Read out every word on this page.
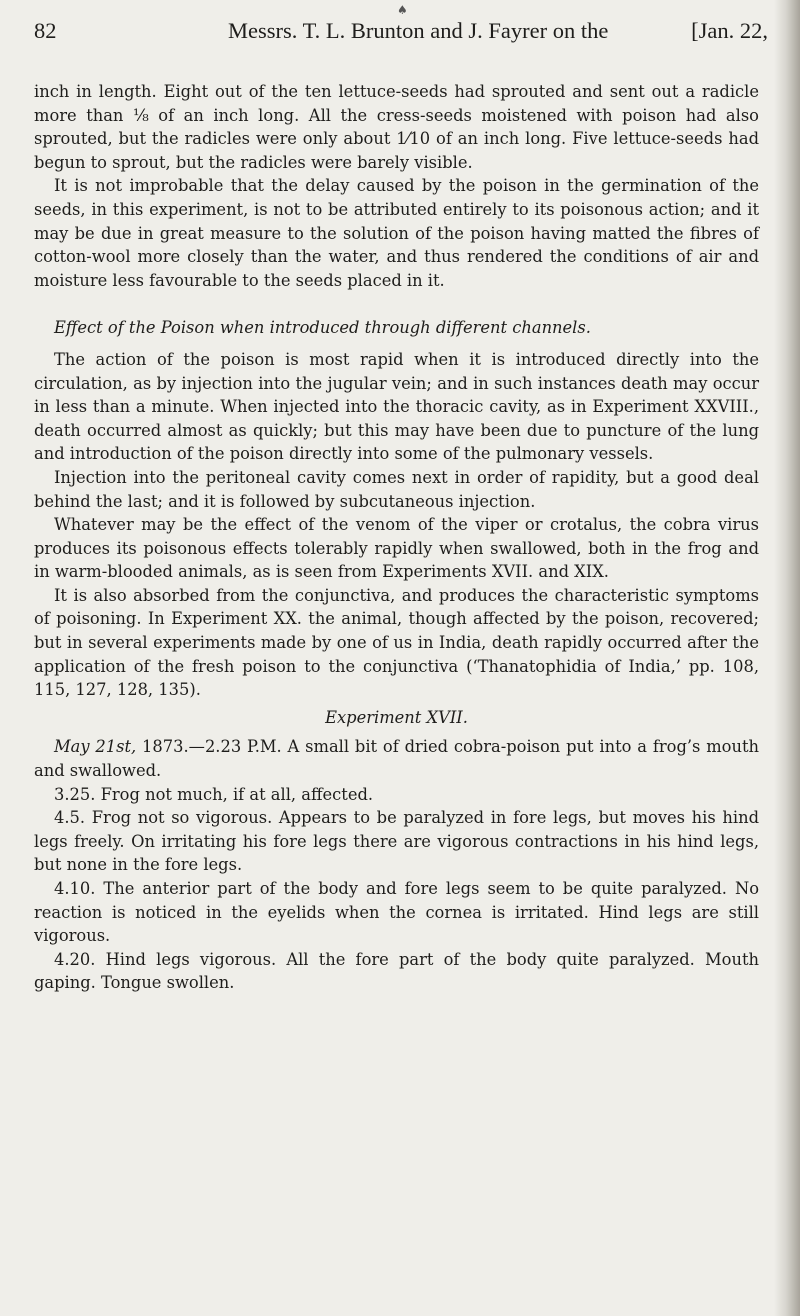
♠
82	Messrs. T. L. Brunton and J. Fayrer on the	[Jan. 22,

inch in length. Eight out of the ten lettuce-seeds had sprouted and sent out a radicle more than ⅛ of an inch long. All the cress-seeds moistened with poison had also sprouted, but the radicles were only about 1⁄10 of an inch long. Five lettuce-seeds had begun to sprout, but the radicles were barely visible.

It is not improbable that the delay caused by the poison in the germination of the seeds, in this experiment, is not to be attributed entirely to its poisonous action; and it may be due in great measure to the solution of the poison having matted the fibres of cotton-wool more closely than the water, and thus rendered the conditions of air and moisture less favourable to the seeds placed in it.

Effect of the Poison when introduced through different channels.

The action of the poison is most rapid when it is introduced directly into the circulation, as by injection into the jugular vein; and in such instances death may occur in less than a minute. When injected into the thoracic cavity, as in Experiment XXVIII., death occurred almost as quickly; but this may have been due to puncture of the lung and introduction of the poison directly into some of the pulmonary vessels.

Injection into the peritoneal cavity comes next in order of rapidity, but a good deal behind the last; and it is followed by subcutaneous injection.

Whatever may be the effect of the venom of the viper or crotalus, the cobra virus produces its poisonous effects tolerably rapidly when swallowed, both in the frog and in warm-blooded animals, as is seen from Experiments XVII. and XIX.

It is also absorbed from the conjunctiva, and produces the characteristic symptoms of poisoning. In Experiment XX. the animal, though affected by the poison, recovered; but in several experiments made by one of us in India, death rapidly occurred after the application of the fresh poison to the conjunctiva (‘Thanatophidia of India,’ pp. 108, 115, 127, 128, 135).

Experiment XVII.

May 21st, 1873.—2.23 P.M. A small bit of dried cobra-poison put into a frog’s mouth and swallowed.

3.25. Frog not much, if at all, affected.

4.5. Frog not so vigorous. Appears to be paralyzed in fore legs, but moves his hind legs freely. On irritating his fore legs there are vigorous contractions in his hind legs, but none in the fore legs.

4.10. The anterior part of the body and fore legs seem to be quite paralyzed. No reaction is noticed in the eyelids when the cornea is irritated. Hind legs are still vigorous.

4.20. Hind legs vigorous. All the fore part of the body quite paralyzed. Mouth gaping. Tongue swollen.
